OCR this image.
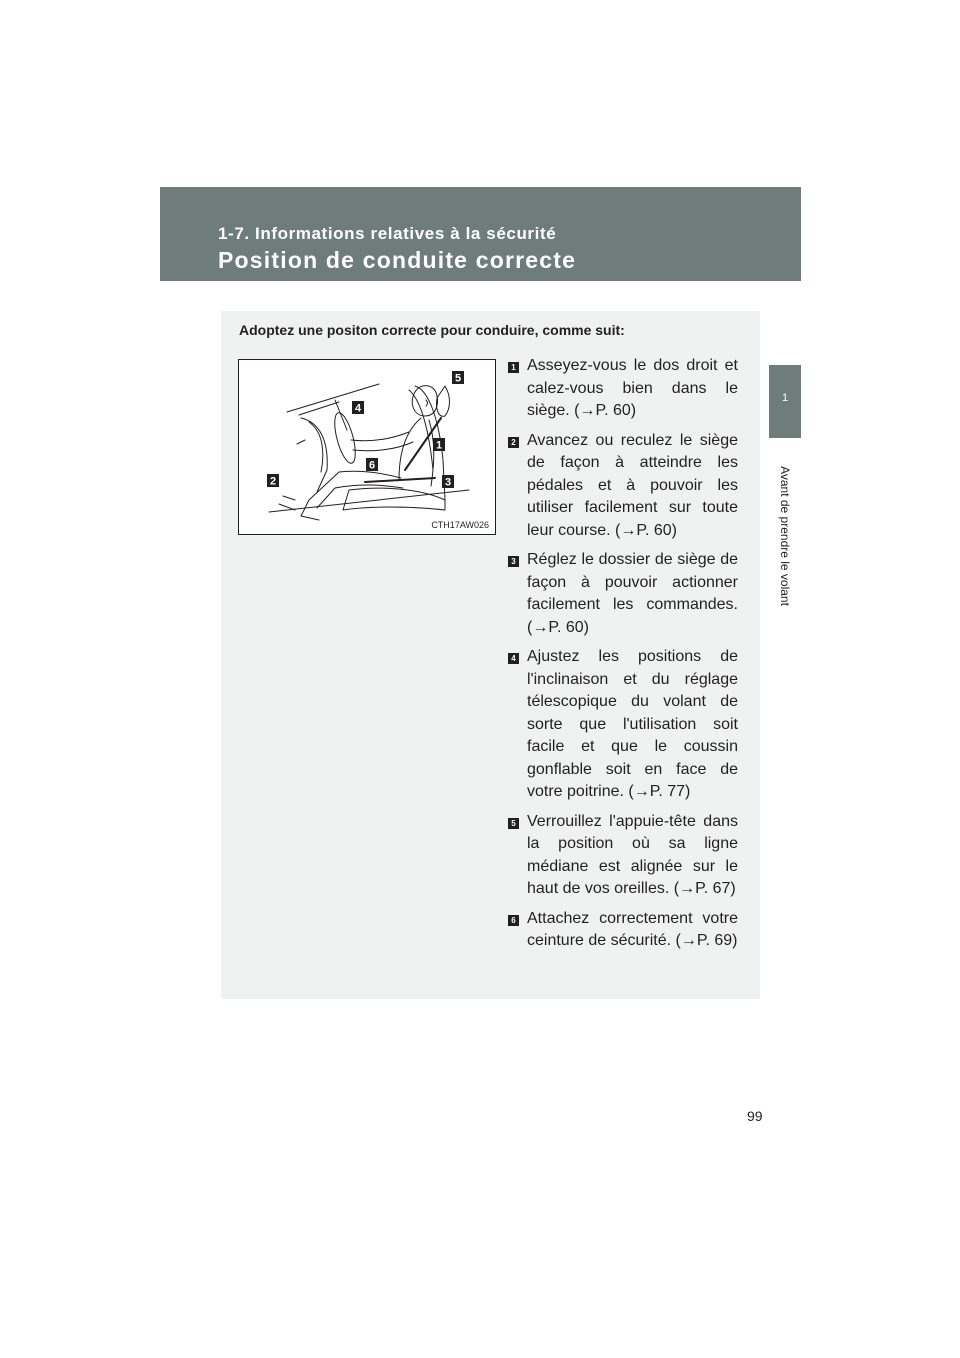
1-7. Informations relatives à la sécurité
Position de conduite correcte
1
Avant de prendre le volant
Adoptez une positon correcte pour conduire, comme suit:
1
2	3
4
5
6
CTH17AW026
1 Asseyez-vous le dos droit et calez-vous bien dans le siège. (→P. 60)
2 Avancez ou reculez le siège de façon à atteindre les pédales et à pouvoir les utiliser facilement sur toute leur course. (→P. 60)
3 Réglez le dossier de siège de façon à pouvoir actionner facilement les commandes. (→P. 60)
4 Ajustez les positions de l'inclinaison et du réglage télescopique du volant de sorte que l'utilisation soit facile et que le coussin gonflable soit en face de votre poitrine. (→P. 77)
5 Verrouillez l'appuie-tête dans la position où sa ligne médiane est alignée sur le haut de vos oreilles. (→P. 67)
6 Attachez correctement votre ceinture de sécurité. (→P. 69)
99
